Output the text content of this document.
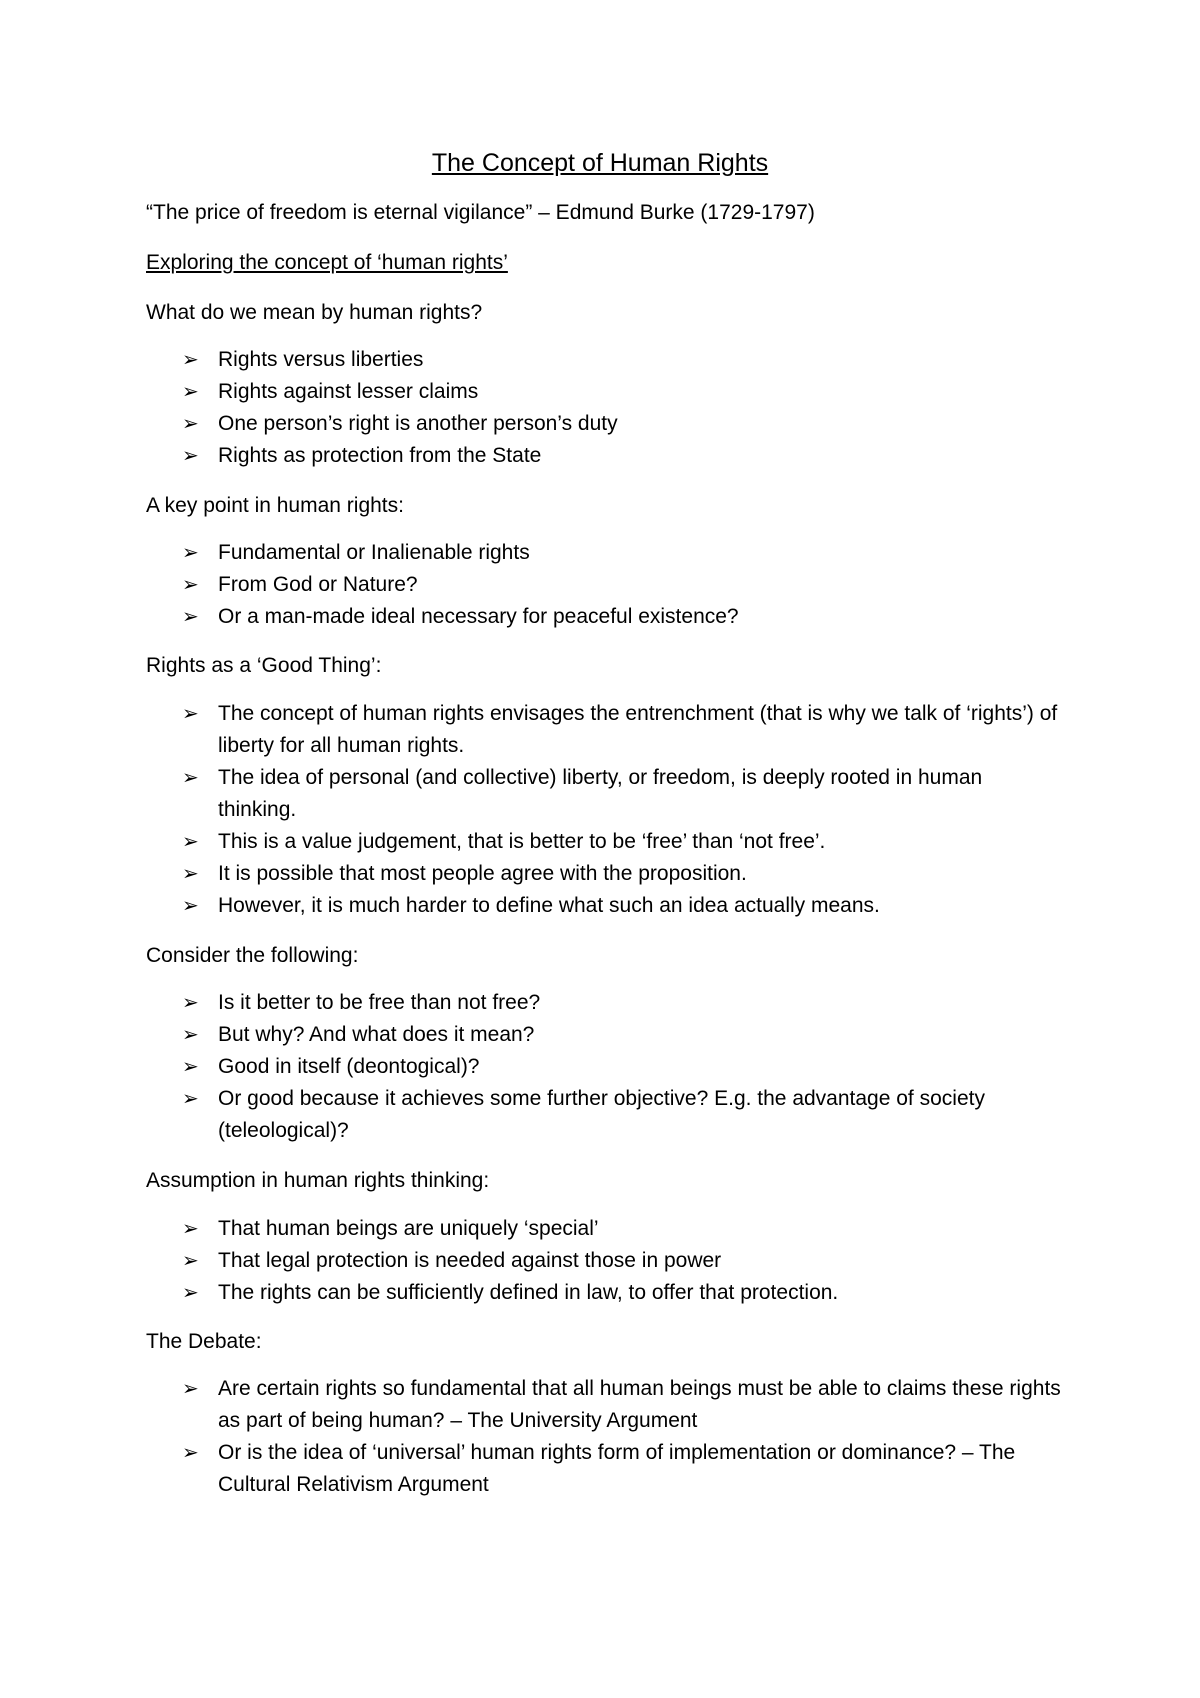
The Concept of Human Rights
“The price of freedom is eternal vigilance” – Edmund Burke (1729-1797)
Exploring the concept of ‘human rights’
What do we mean by human rights?
➢ Rights versus liberties
➢ Rights against lesser claims
➢ One person’s right is another person’s duty
➢ Rights as protection from the State
A key point in human rights:
➢ Fundamental or Inalienable rights
➢ From God or Nature?
➢ Or a man-made ideal necessary for peaceful existence?
Rights as a ‘Good Thing’:
➢ The concept of human rights envisages the entrenchment (that is why we talk of ‘rights’) of liberty for all human rights.
➢ The idea of personal (and collective) liberty, or freedom, is deeply rooted in human thinking.
➢ This is a value judgement, that is better to be ‘free’ than ‘not free’.
➢ It is possible that most people agree with the proposition.
➢ However, it is much harder to define what such an idea actually means.
Consider the following:
➢ Is it better to be free than not free?
➢ But why? And what does it mean?
➢ Good in itself (deontogical)?
➢ Or good because it achieves some further objective? E.g. the advantage of society (teleological)?
Assumption in human rights thinking:
➢ That human beings are uniquely ‘special’
➢ That legal protection is needed against those in power
➢ The rights can be sufficiently defined in law, to offer that protection.
The Debate:
➢ Are certain rights so fundamental that all human beings must be able to claims these rights as part of being human? – The University Argument
➢ Or is the idea of ‘universal’ human rights form of implementation or dominance? – The Cultural Relativism Argument
